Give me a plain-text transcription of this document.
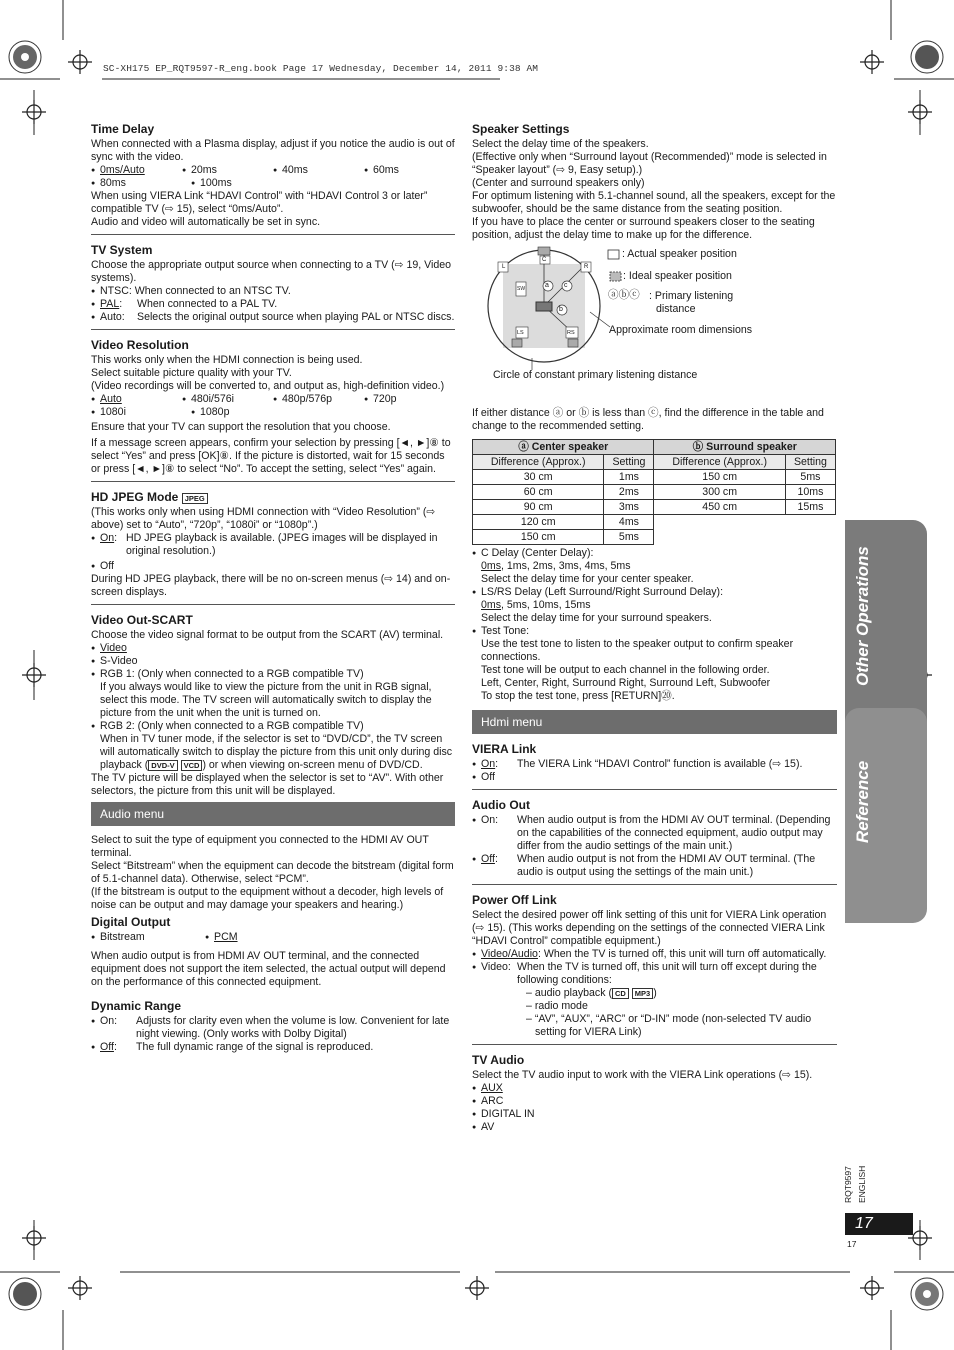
SC-XH175 EP_RQT9597-R_eng.book Page 17 Wednesday, December 14, 2011 9:38 AM
Time Delay

When connected with a Plasma display, adjust if you notice the audio is out of sync with the video.

● 0ms/Auto	● 20ms	● 40ms	● 60ms
● 80ms	● 100ms

When using VIERA Link “HDAVI Control” with “HDAVI Control 3 or later” compatible TV (⇨ 15), select “0ms/Auto”.

Audio and video will automatically be set in sync.

TV System

Choose the appropriate output source when connecting to a TV (⇨ 19, Video systems).

● NTSC: When connected to an NTSC TV.
● PAL:	When connected to a PAL TV.
● Auto:	Selects the original output source when playing PAL or NTSC discs.
Video Resolution

This works only when the HDMI connection is being used.

Select suitable picture quality with your TV.

(Video recordings will be converted to, and output as, high-definition video.)

● Auto	● 480i/576i	● 480p/576p	● 720p
● 1080i	● 1080p

Ensure that your TV can support the resolution that you choose.

If a message screen appears, confirm your selection by pressing [◄, ►]⑧ to select “Yes” and press [OK]⑧. If the picture is distorted, wait for 15 seconds or press [◄, ►]⑧ to select “No”. To accept the setting, select “Yes” again.

HD JPEG Mode JPEG

(This works only when using HDMI connection with “Video Resolution” (⇨ above) set to “Auto”, “720p”, “1080i” or “1080p”.)

● On: HD JPEG playback is available. (JPEG images will be displayed in original resolution.)
● Off

During HD JPEG playback, there will be no on-screen menus (⇨ 14) and on-screen displays.

Video Out-SCART

Choose the video signal format to be output from the SCART (AV) terminal.

● Video
● S-Video
● RGB 1: (Only when connected to a RGB compatible TV)

If you always would like to view the picture from the unit in RGB signal, select this mode. The TV screen will automatically switch to display the picture from the unit when the unit is turned on.

● RGB 2: (Only when connected to a RGB compatible TV)

When in TV tuner mode, if the selector is set to “DVD/CD”, the TV screen will automatically switch to display the picture from this unit only during disc playback ( DVD-V VCD ) or when viewing on-screen menu of DVD/CD.

The TV picture will be displayed when the selector is set to “AV”. With other selectors, the picture from this unit will be displayed.

Audio menu

Select to suit the type of equipment you connected to the HDMI AV OUT terminal.

Select “Bitstream” when the equipment can decode the bitstream (digital form of 5.1-channel data). Otherwise, select “PCM”.

(If the bitstream is output to the equipment without a decoder, high levels of noise can be output and may damage your speakers and hearing.)

Digital Output
● Bitstream	● PCM

When audio output is from HDMI AV OUT terminal, and the connected equipment does not support the item selected, the actual output will depend on the performance of this connected equipment.

Dynamic Range
● On:	Adjusts for clarity even when the volume is low. Convenient for late night viewing. (Only works with Dolby Digital)
● Off:	The full dynamic range of the signal is reproduced.
Speaker Settings

Select the delay time of the speakers.

(Effective only when “Surround layout (Recommended)” mode is selected in “Speaker layout” (⇨ 9, Easy setup).)

(Center and surround speakers only)

For optimum listening with 5.1-channel sound, all the speakers, except for the subwoofer, should be the same distance from the seating position.

If you have to place the center or surround speakers closer to the seating position, adjust the delay time to make up for the difference.

L
C
R
SW
LS	RS
a c
b
: Actual speaker position
: Ideal speaker position
ⓐⓑⓒ : Primary listening
distance
Approximate room dimensions
Circle of constant primary listening distance

If either distance ⓐ or ⓑ is less than ⓒ, find the difference in the table and change to the recommended setting.

ⓐ Center speaker		ⓑ Surround speaker	
Difference (Approx.)	Setting	Difference (Approx.)	Setting
30 cm	1ms	150 cm	5ms
60 cm	2ms	300 cm	10ms
90 cm	3ms	450 cm	15ms
120 cm	4ms		
150 cm	5ms		
● C Delay (Center Delay):

0ms, 1ms, 2ms, 3ms, 4ms, 5ms

Select the delay time for your center speaker.

● LS/RS Delay (Left Surround/Right Surround Delay):

0ms, 5ms, 10ms, 15ms

Select the delay time for your surround speakers.

● Test Tone:

Use the test tone to listen to the speaker output to confirm speaker connections.

Test tone will be output to each channel in the following order.

Left, Center, Right, Surround Right, Surround Left, Subwoofer

To stop the test tone, press [RETURN]⑳.

Hdmi menu
VIERA Link
● On:	The VIERA Link “HDAVI Control” function is available (⇨ 15).
● Off
Audio Out
● On:	When audio output is from the HDMI AV OUT terminal. (Depending on the capabilities of the connected equipment, audio output may differ from the audio settings of the main unit.)
● Off:	When audio output is not from the HDMI AV OUT terminal. (The audio is output using the settings of the main unit.)
Power Off Link

Select the desired power off link setting of this unit for VIERA Link operation (⇨ 15). (This works depending on the settings of the connected VIERA Link “HDAVI Control” compatible equipment.)

● Video/Audio : When the TV is turned off, this unit will turn off automatically.
● Video: When the TV is turned off, this unit will turn off except during the following conditions:

– audio playback ( CD MP3 )

– radio mode

– “AV”, “AUX”, “ARC” or “D-IN” mode (non-selected TV audio setting for VIERA Link)

TV Audio

Select the TV audio input to work with the VIERA Link operations (⇨ 15).

● AUX
● ARC
● DIGITAL IN
● AV
Other Operations
Reference
RQT9597 ENGLISH
17
17
